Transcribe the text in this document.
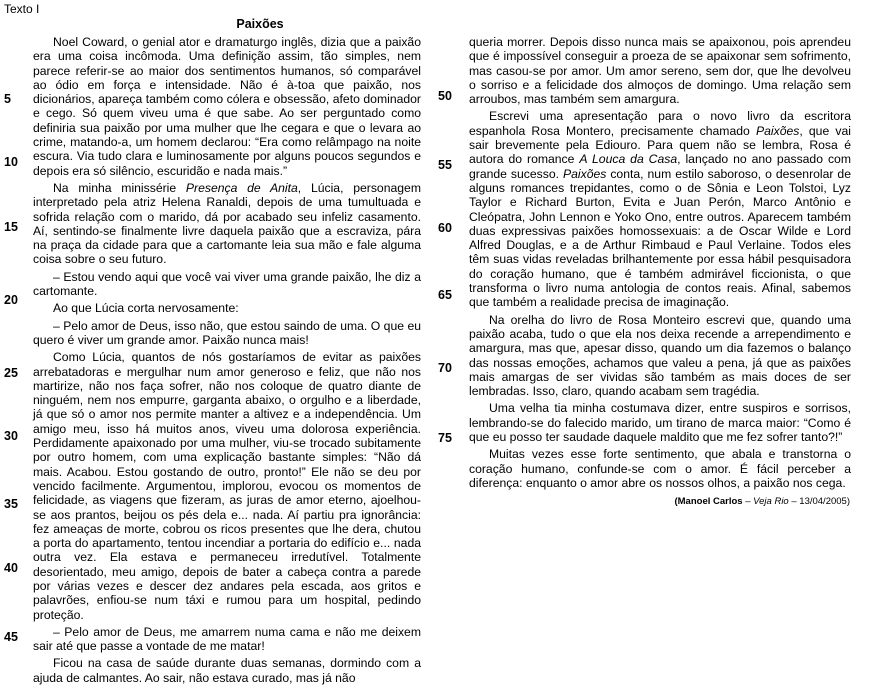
Texto I
Paixões
5
10
15
20
25
30
35
40
45
50
55
60
65
70
75

Noel Coward, o genial ator e dramaturgo inglês, dizia que a paixão era uma coisa incômoda. Uma definição assim, tão simples, nem parece referir-se ao maior dos sentimentos humanos, só comparável ao ódio em força e intensidade. Não é à-toa que paixão, nos dicionários, apareça também como cólera e obsessão, afeto dominador e cego. Só quem viveu uma é que sabe. Ao ser perguntado como definiria sua paixão por uma mulher que lhe cegara e que o levara ao crime, matando-a, um homem declarou: “Era como relâmpago na noite escura. Via tudo clara e luminosamente por alguns poucos segundos e depois era só silêncio, escuridão e nada mais.”

Na minha minissérie Presença de Anita, Lúcia, personagem interpretado pela atriz Helena Ranaldi, depois de uma tumultuada e sofrida relação com o marido, dá por acabado seu infeliz casamento. Aí, sentindo-se finalmente livre daquela paixão que a escraviza, pára na praça da cidade para que a cartomante leia sua mão e fale alguma coisa sobre o seu futuro.

– Estou vendo aqui que você vai viver uma grande paixão, lhe diz a cartomante.

Ao que Lúcia corta nervosamente:

– Pelo amor de Deus, isso não, que estou saindo de uma. O que eu quero é viver um grande amor. Paixão nunca mais!

Como Lúcia, quantos de nós gostaríamos de evitar as paixões arrebatadoras e mergulhar num amor generoso e feliz, que não nos martirize, não nos faça sofrer, não nos coloque de quatro diante de ninguém, nem nos empurre, garganta abaixo, o orgulho e a liberdade, já que só o amor nos permite manter a altivez e a independência. Um amigo meu, isso há muitos anos, viveu uma dolorosa experiência. Perdidamente apaixonado por uma mulher, viu-se trocado subitamente por outro homem, com uma explicação bastante simples: “Não dá mais. Acabou. Estou gostando de outro, pronto!” Ele não se deu por vencido facilmente. Argumentou, implorou, evocou os momentos de felicidade, as viagens que fizeram, as juras de amor eterno, ajoelhou-se aos prantos, beijou os pés dela e... nada. Aí partiu pra ignorância: fez ameaças de morte, cobrou os ricos presentes que lhe dera, chutou a porta do apartamento, tentou incendiar a portaria do edifício e... nada outra vez. Ela estava e permaneceu irredutível. Totalmente desorientado, meu amigo, depois de bater a cabeça contra a parede por várias vezes e descer dez andares pela escada, aos gritos e palavrões, enfiou-se num táxi e rumou para um hospital, pedindo proteção.

– Pelo amor de Deus, me amarrem numa cama e não me deixem sair até que passe a vontade de me matar!

Ficou na casa de saúde durante duas semanas, dormindo com a ajuda de calmantes. Ao sair, não estava curado, mas já não

queria morrer. Depois disso nunca mais se apaixonou, pois aprendeu que é impossível conseguir a proeza de se apaixonar sem sofrimento, mas casou-se por amor. Um amor sereno, sem dor, que lhe devolveu o sorriso e a felicidade dos almoços de domingo. Uma relação sem arroubos, mas também sem amargura.

Escrevi uma apresentação para o novo livro da escritora espanhola Rosa Montero, precisamente chamado Paixões, que vai sair brevemente pela Ediouro. Para quem não se lembra, Rosa é autora do romance A Louca da Casa, lançado no ano passado com grande sucesso. Paixões conta, num estilo saboroso, o desenrolar de alguns romances trepidantes, como o de Sônia e Leon Tolstoi, Lyz Taylor e Richard Burton, Evita e Juan Perón, Marco Antônio e Cleópatra, John Lennon e Yoko Ono, entre outros. Aparecem também duas expressivas paixões homossexuais: a de Oscar Wilde e Lord Alfred Douglas, e a de Arthur Rimbaud e Paul Verlaine. Todos eles têm suas vidas reveladas brilhantemente por essa hábil pesquisadora do coração humano, que é também admirável ficcionista, o que transforma o livro numa antologia de contos reais. Afinal, sabemos que também a realidade precisa de imaginação.

Na orelha do livro de Rosa Monteiro escrevi que, quando uma paixão acaba, tudo o que ela nos deixa recende a arrependimento e amargura, mas que, apesar disso, quando um dia fazemos o balanço das nossas emoções, achamos que valeu a pena, já que as paixões mais amargas de ser vividas são também as mais doces de ser lembradas. Isso, claro, quando acabam sem tragédia.

Uma velha tia minha costumava dizer, entre suspiros e sorrisos, lembrando-se do falecido marido, um tirano de marca maior: “Como é que eu posso ter saudade daquele maldito que me fez sofrer tanto?!”

Muitas vezes esse forte sentimento, que abala e transtorna o coração humano, confunde-se com o amor. É fácil perceber a diferença: enquanto o amor abre os nossos olhos, a paixão nos cega.

(Manoel Carlos – Veja Rio – 13/04/2005)
